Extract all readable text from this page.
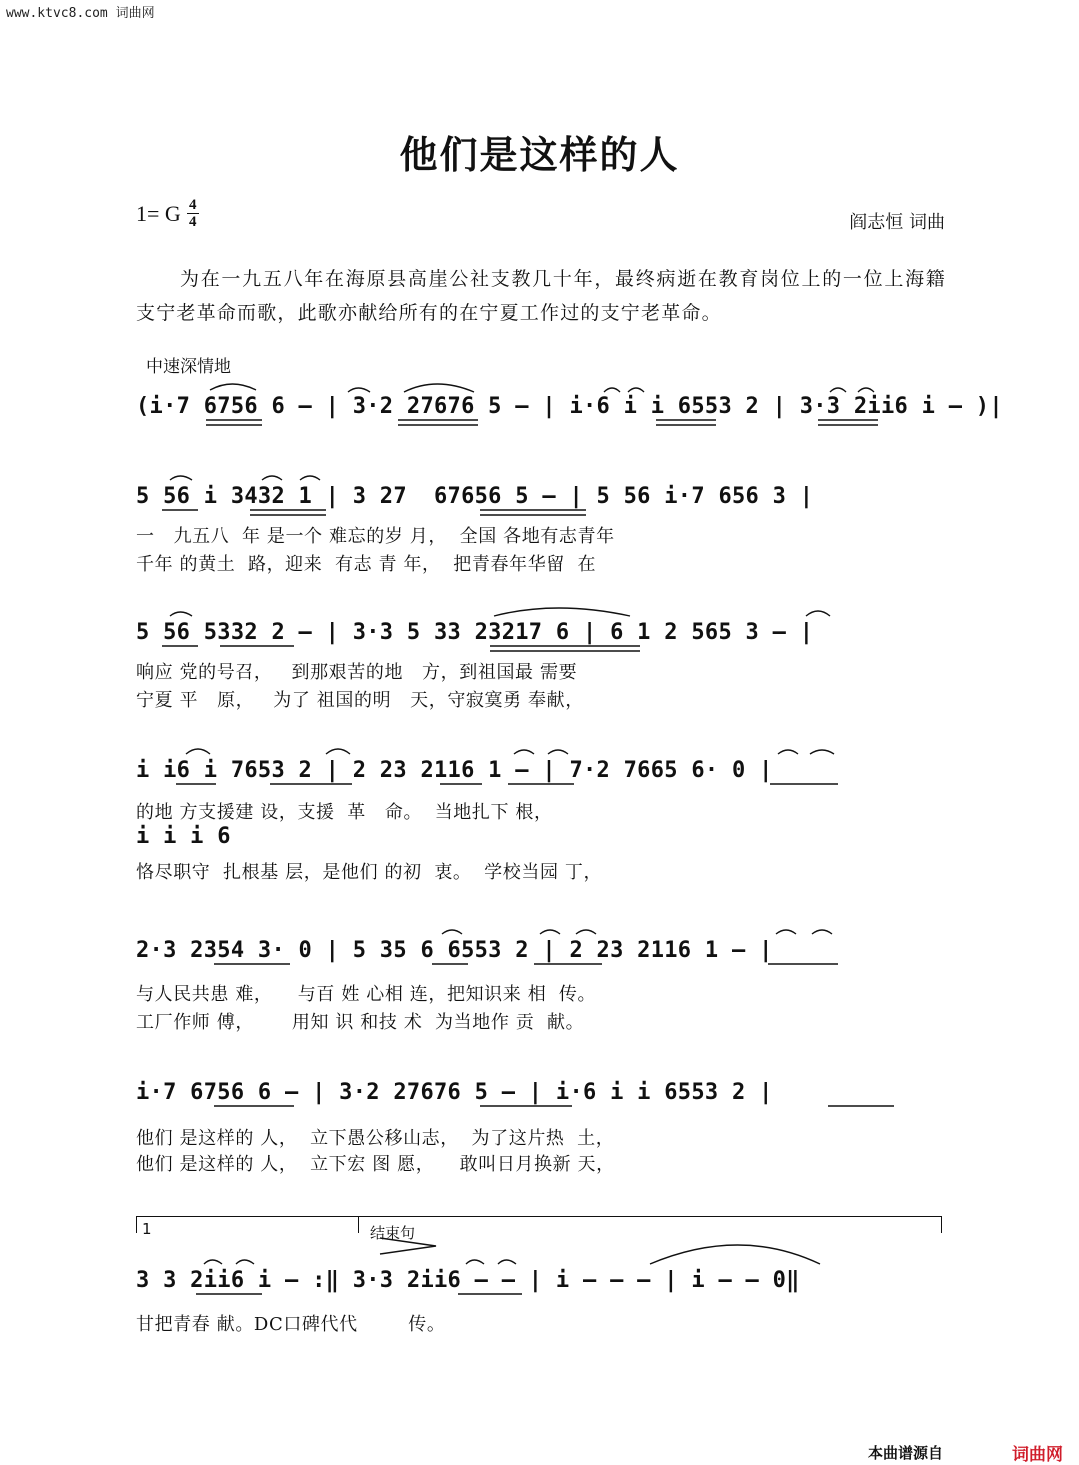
www.ktvc8.com 词曲网
他们是这样的人
1= G 4
4	阎志恒 词曲
为在一九五八年在海原县高崖公社支教几十年，最终病逝在教育岗位上的一位上海籍支宁老革命而歌，此歌亦献给所有的在宁夏工作过的支宁老革命。
中速深情地
(i·7 6756 6 – | 3·2 27676 5 – | i·6 i i 6553 2 | 3·3 2ii6 i – )|
5 56 i 3432 1 | 3 27  67656 5 – | 5 56 i·7 656 3 |
一   九五八  年 是一个 难忘的岁 月，  全国 各地有志青年
千年 的黄土  路，迎来  有志 青 年，  把青春年华留  在
5 56 5332 2 – | 3·3 5 33 23217 6 | 6 1 2 565 3 – |
响应 党的号召，   到那艰苦的地   方，到祖国最 需要
宁夏 平   原，   为了 祖国的明   天，守寂寞勇 奉献，
i i6 i 7653 2 | 2 23 2116 1 – | 7·2 7665 6· 0 |
的地 方支援建 设，支援  革   命。  当地扎下 根，
i i i 6
恪尽职守  扎根基 层，是他们 的初  衷。  学校当园 丁，
2·3 2354 3· 0 | 5 35 6 6553 2 | 2 23 2116 1 – |
与人民共患 难，    与百 姓 心相 连，把知识来 相  传。
工厂作师 傅，      用知 识 和技 术  为当地作 贡  献。
i·7 6756 6 – | 3·2 27676 5 – | i·6 i i 6553 2 |
他们 是这样的 人，  立下愚公移山志，  为了这片热  土，
他们 是这样的 人，  立下宏 图 愿，    敢叫日月换新 天，
1	结束句
3 3 2ii6 i – :‖ 3·3 2ii6 – – | i – – – | i – – 0‖
甘把青春 献。DC口碑代代        传。
本曲谱源自	词曲网
